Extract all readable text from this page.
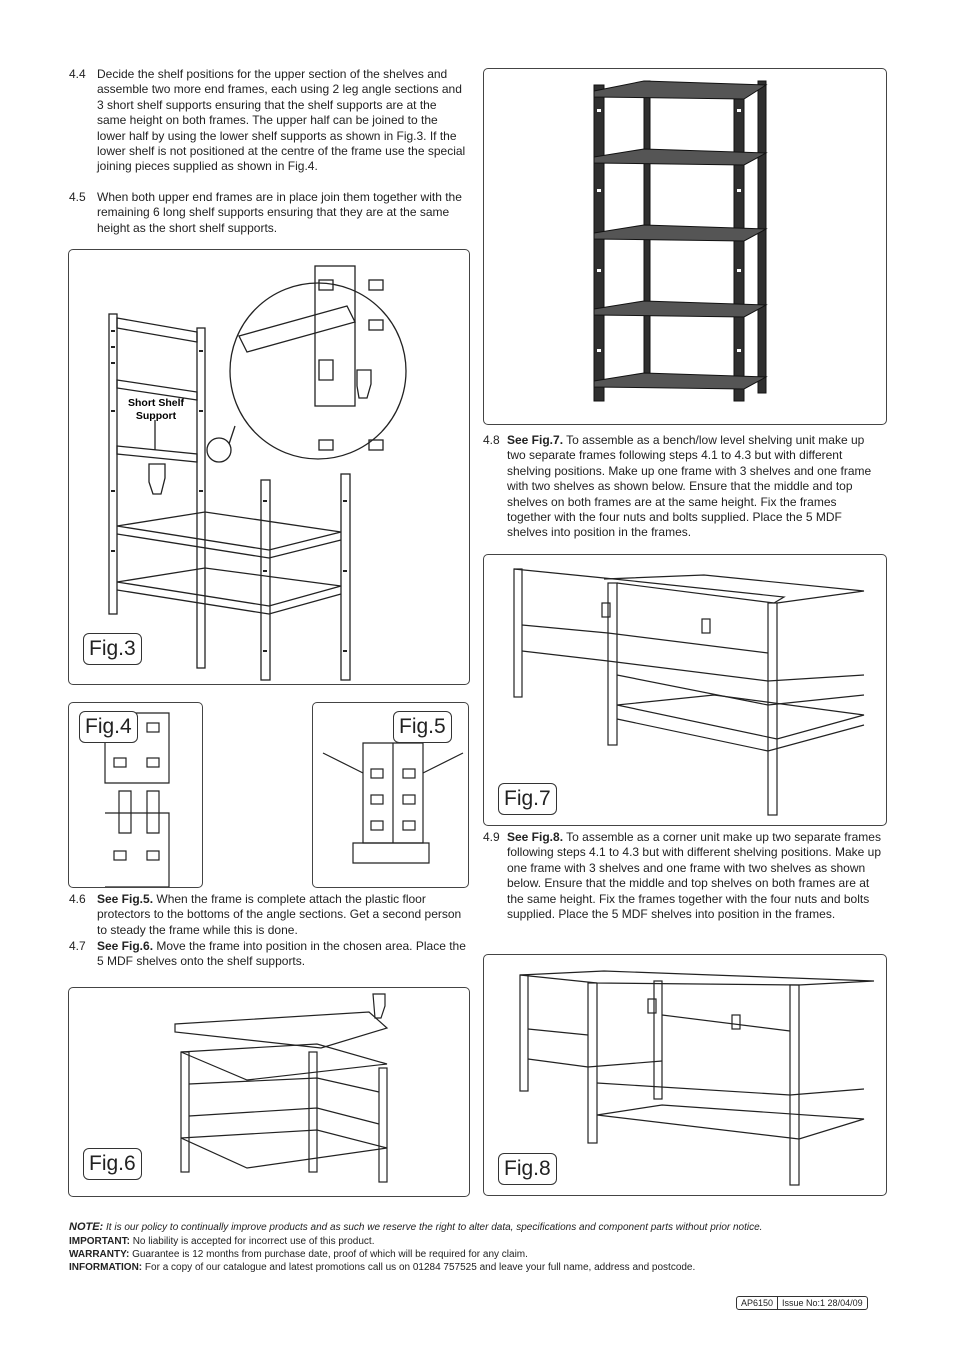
4.4 Decide the shelf positions for the upper section of the shelves and assemble two more end frames, each using 2 leg angle sections and 3 short shelf supports ensuring that the shelf supports are at the same height on both frames. The upper half can be joined to the lower half by using the lower shelf supports as shown in Fig.3. If the lower shelf is not positioned at the centre of the frame use the special joining pieces supplied as shown in Fig.4.
4.5 When both upper end frames are in place join them together with the remaining 6 long shelf supports ensuring that they are at the same height as the short shelf supports.
Short Shelf
Support
Fig.3
Fig.4	Fig.5
4.6 See Fig.5. When the frame is complete attach the plastic floor protectors to the bottoms of the angle sections. Get a second person to steady the frame while this is done.
4.7 See Fig.6. Move the frame into position in the chosen area. Place the 5 MDF shelves onto the shelf supports.
Fig.6
4.8 See Fig.7. To assemble as a bench/low level shelving unit make up two separate frames following steps 4.1 to 4.3 but with different shelving positions. Make up one frame with 3 shelves and one frame with two shelves as shown below. Ensure that the middle and top shelves on both frames are at the same height. Fix the frames together with the four nuts and bolts supplied. Place the 5 MDF shelves into position in the frames.
Fig.7
4.9 See Fig.8. To assemble as a corner unit make up two separate frames following steps 4.1 to 4.3 but with different shelving positions. Make up one frame with 3 shelves and one frame with two shelves as shown below. Ensure that the middle and top shelves on both frames are at the same height. Fix the frames together with the four nuts and bolts supplied. Place the 5 MDF shelves into position in the frames.
Fig.8
NOTE: It is our policy to continually improve products and as such we reserve the right to alter data, specifications and component parts without prior notice.
IMPORTANT: No liability is accepted for incorrect use of this product.
WARRANTY: Guarantee is 12 months from purchase date, proof of which will be required for any claim.
INFORMATION: For a copy of our catalogue and latest promotions call us on 01284 757525 and leave your full name, address and postcode.
AP6150	Issue No:1 28/04/09
